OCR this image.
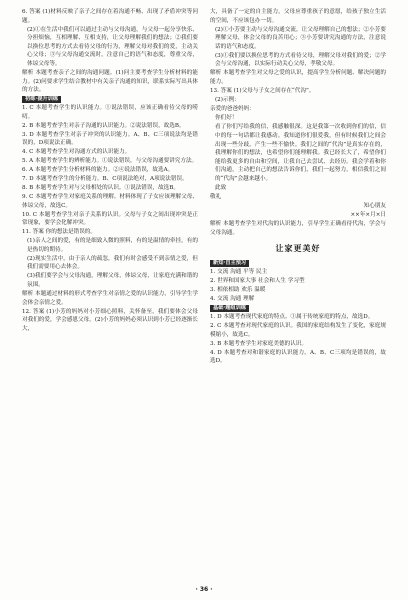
6. 答案 (1)材料反映了亲子之间存在着沟通不畅、出现了矛盾冲突等问题。

(2)①在生活中我们可以通过主动与父母沟通，与父母一起分享快乐、分担烦恼，互相理解、互相支持，让父母理解我们的想法；②我们要以换位思考的方式去看待父母的行为，理解父母对我们的爱，主动关心父母；③与父母沟通交流时，注意自己的语气和态度，尊重父母，体谅父母等。

解析 本题考查亲子之间的沟通问题。(1)问主要考查学生分析材料的能力。(2)问要求学生结合教材中有关亲子沟通的知识，联系实际写出具体的方法。

初练·提升训练

1. C 本题考查学生的认识能力。①说法错误，应该正确看待父母的唠叨。

2. B 本题考查学生对亲子沟通的认识能力。②说法错误，故选B。

3. D 本题考查学生对亲子冲突的认识能力。A、B、C三项说法均是错误的，D项说法正确。

4. C 本题考查学生对沟通方式的认识能力。

5. A 本题考查学生的辨析能力。①说法错误，与父母沟通要讲究方法。

6. A 本题考查学生分析材料的能力。②④说法错误，故选A。

7. D 本题考查学生的分析能力。B、C项说法绝对，A项说法错误。

8. B 本题考查学生对与父母相处的认识。①说法错误，故选B。

9. C 本题考查学生对家庭关系的理解。材料体现了子女应该理解父母、体谅父母，故选C。

10. C 本题考查学生对亲子关系的认识。父母与子女之间出现冲突是正常现象，要学会化解冲突。

11. 答案 你的想法是错误的。

(1)亲人之间的爱，有的是细致入微的照料，有的是温情的牵挂，有的是热切的期待。

(2)现实生活中，由于亲人的疏忽，我们有时会感受不到亲情之爱，但我们需要用心去体会。

(3)我们要学会与父母沟通，理解父母，体谅父母，让家庭充满和谐的氛围。

解析 本题通过材料的形式考查学生对亲情之爱的认识能力，引导学生学会体会亲情之爱。

12. 答案 (1)小芳的妈妈对小芳细心照料，关怀备至，我们要体会父母对我们的爱，学会感恩父母。(2)小芳的妈妈必须认识到小芳已经逐渐长大，

大，具备了一定的自主能力，父母应尊重孩子的意愿，给孩子独立生活的空间，不应该包办一切。

(2)①小芳要主动与父母沟通交流，让父母理解自己的想法；②小芳要理解父母，体会父母的良苦用心；③小芳要讲究沟通的方法，注意说话的语气和态度。

(3)①我们要以换位思考的方式看待父母，理解父母对我们的爱；②学会与父母沟通，以实际行动关心父母，孝敬父母。

解析 本题考查学生对父母之爱的认识，提高学生分析问题、解决问题的能力。

13. 答案 (1)父母与子女之间存在“代沟”。

(2)示例：

亲爱的爸爸妈妈：

你们好！

看了你们写给我的信，我感触很深。这是我第一次收到你们的信，信中的每一句话都让我感动。我知道你们很爱我，但有时候我们之间会出现一些分歧，产生一些不愉快。我们之间的“代沟”是真实存在的，我理解你们的想法，也希望你们能理解我。我已经长大了，希望你们能给我更多的自由和空间，让我自己去尝试、去经历。我会学着和你们沟通，主动把自己的想法告诉你们，我们一起努力，相信我们之间的“代沟”会越来越小。

此致

敬礼

知心朋友

××年×月×日

解析 本题考查学生对代沟的认识能力，引导学生正确看待代沟，学会与父母沟通。

让家更美好
新知·自主预习

1. 交流 沟通 平等 民主

2. 世界和国家大事 社会和人生 学习型

3. 相依相助 欢乐 温暖

4. 交流 沟通 理解

基础·题组训练

1. D 本题考查现代家庭的特点。①属于传统家庭的特点，故选D。

2. C 本题考查对现代家庭的认识。我国的家庭结构发生了变化，家庭规模缩小，故选C。

3. B 本题考查学生对家庭美德的认识。

4. D 本题考查对和谐家庭的认识能力。A、B、C三项均是错误的，故选D。

· 36 ·
